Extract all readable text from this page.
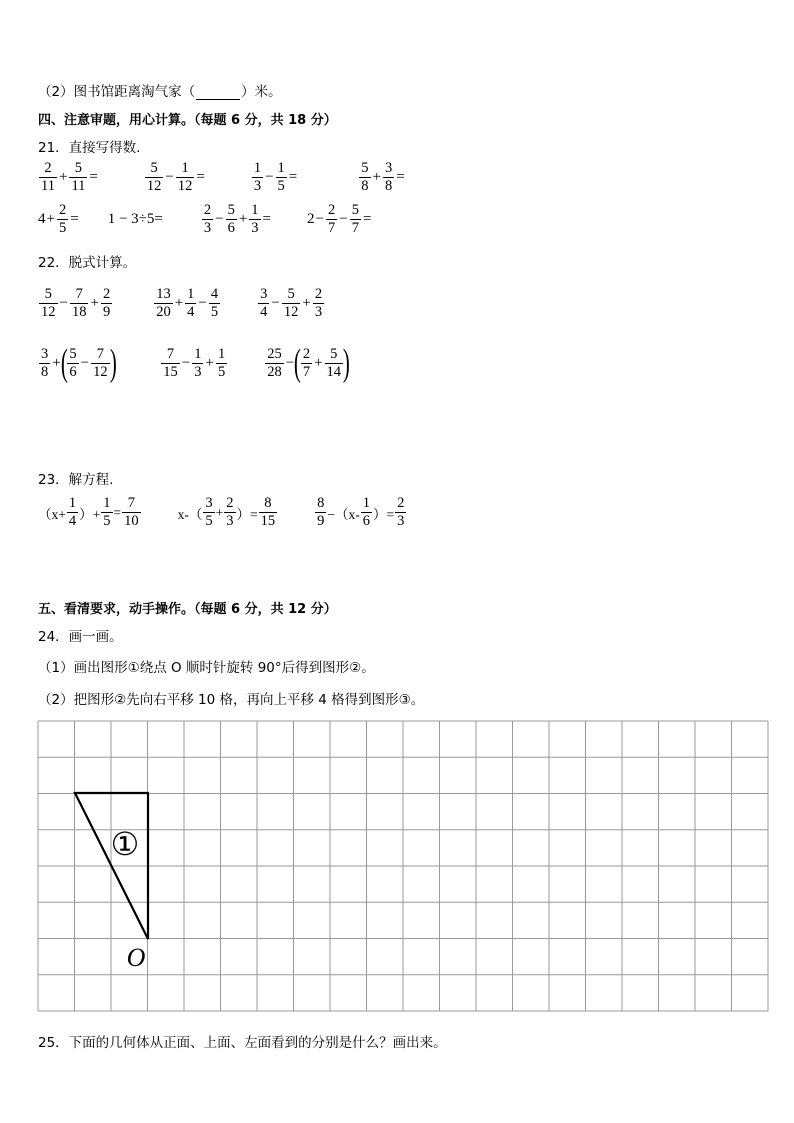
（2）图书馆距离淘气家（	）米。
四、注意审题，用心计算。（每题 6 分，共 18 分）
21．直接写得数.
$\frac{2}{11} + \frac{5}{11}$ =	$\frac{5}{12} - \frac{1}{12}$ =	$\frac{1}{3} - \frac{1}{5}$ =	$\frac{5}{8} + \frac{3}{8}$ =
$4 + \frac{2}{5} = 1 - 3\div 5=$	$\frac{2}{3} - \frac{5}{6} + \frac{1}{3} = 2 - \frac{2}{7} - \frac{5}{7}$ =
22．脱式计算。
$\frac{5}{12} - \frac{7}{18} + \frac{2}{9}$	$\frac{13}{20} + \frac{1}{4} - \frac{4}{5}$	$\frac{3}{4} - \frac{5}{12} + \frac{2}{3}$
$\frac{3}{8}$ + ( $\frac{5}{6} - \frac{7}{12}$ )	$\frac{7}{15} - \frac{1}{3} + \frac{1}{5}$	$\frac{25}{28}$ − ( $\frac{2}{7} + \frac{5}{14}$ )
23．解方程.
（$x+ \frac{1}{4}$ ）+ $\frac{1}{5} = \frac{7}{10}$	$x-( \frac{3}{5} + \frac{2}{3}$ ）= $\frac{8}{15}$	$\frac{8}{9} -(x- \frac{1}{6}$ ）= $\frac{2}{3}$
五、看清要求，动手操作。（每题 6 分，共 12 分）
24．画一画。
（1）画出图形①绕点 O 顺时针旋转 90°后得到图形②。
（2）把图形②先向右平移 10 格，再向上平移 4 格得到图形③。
①
O
25．下面的几何体从正面、上面、左面看到的分别是什么？画出来。
